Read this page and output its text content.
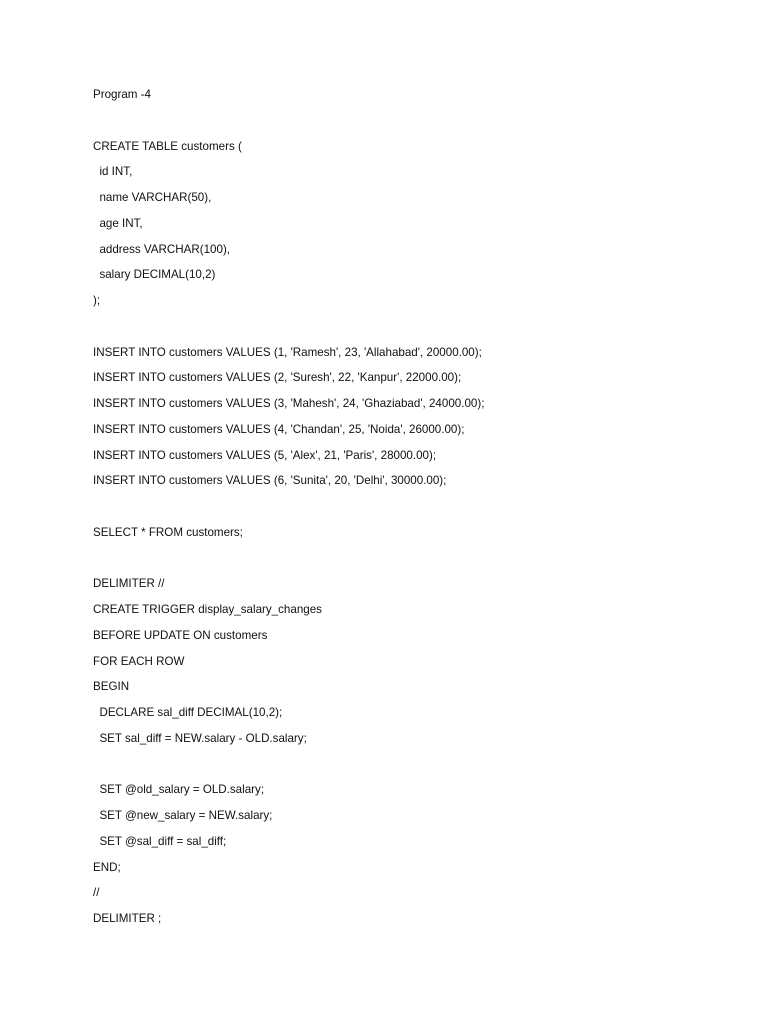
Program -4
CREATE TABLE customers (
id INT,
name VARCHAR(50),
age INT,
address VARCHAR(100),
salary DECIMAL(10,2)
);
INSERT INTO customers VALUES (1, 'Ramesh', 23, 'Allahabad', 20000.00);
INSERT INTO customers VALUES (2, 'Suresh', 22, 'Kanpur', 22000.00);
INSERT INTO customers VALUES (3, 'Mahesh', 24, 'Ghaziabad', 24000.00);
INSERT INTO customers VALUES (4, 'Chandan', 25, 'Noida', 26000.00);
INSERT INTO customers VALUES (5, 'Alex', 21, 'Paris', 28000.00);
INSERT INTO customers VALUES (6, 'Sunita', 20, 'Delhi', 30000.00);
SELECT * FROM customers;
DELIMITER //
CREATE TRIGGER display_salary_changes
BEFORE UPDATE ON customers
FOR EACH ROW
BEGIN
DECLARE sal_diff DECIMAL(10,2);
SET sal_diff = NEW.salary - OLD.salary;
SET @old_salary = OLD.salary;
SET @new_salary = NEW.salary;
SET @sal_diff = sal_diff;
END;
//
DELIMITER ;
